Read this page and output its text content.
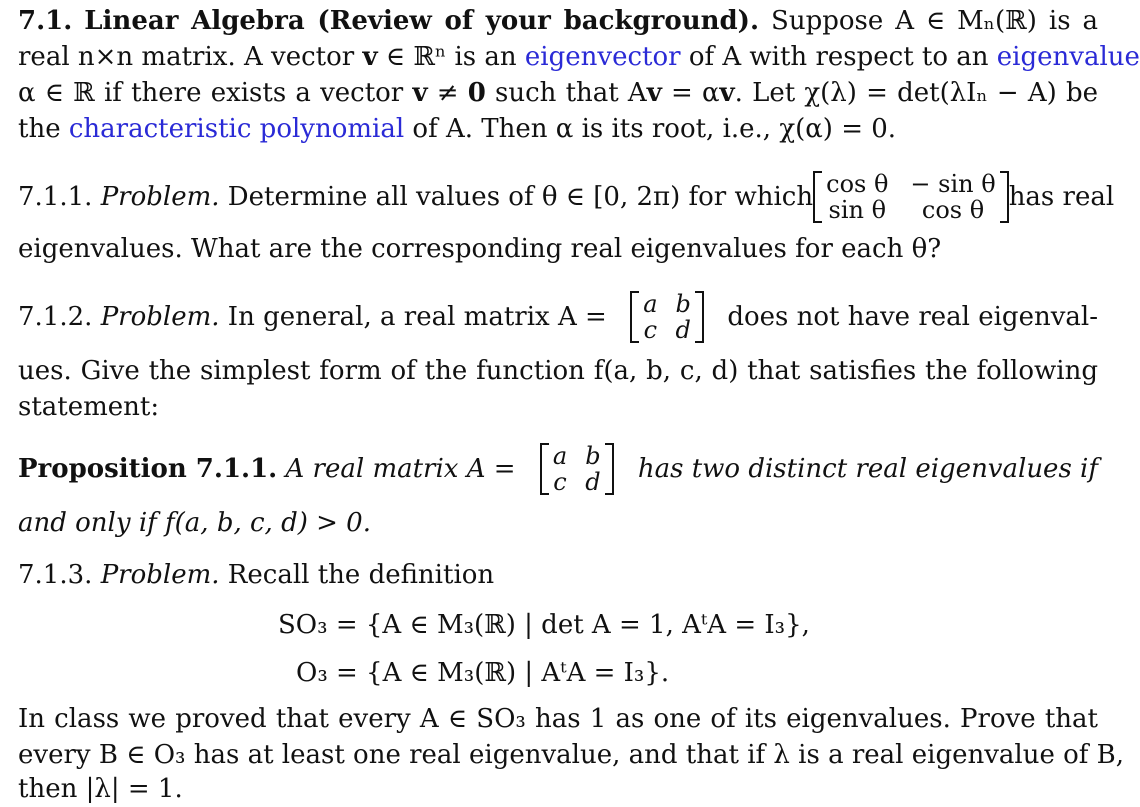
7.1. Linear Algebra (Review of your background). Suppose A ∈ Mₙ(ℝ) is a
real n×n matrix. A vector v ∈ ℝⁿ is an eigenvector of A with respect to an eigenvalue
α ∈ ℝ if there exists a vector v ≠ 0 such that Av = αv. Let χ(λ) = det(λIₙ − A) be
the characteristic polynomial of A. Then α is its root, i.e., χ(α) = 0.
7.1.1. Problem. Determine all values of θ ∈ [0, 2π) for which cos θ − sin θ
sin θ	cos θ has real
eigenvalues. What are the corresponding real eigenvalues for each θ?
7.1.2. Problem. In general, a real matrix A = a b
c d does not have real eigenval-
ues. Give the simplest form of the function f(a, b, c, d) that satisfies the following
statement:
Proposition 7.1.1. A real matrix A = a b
c d has two distinct real eigenvalues if
and only if f(a, b, c, d) > 0.
7.1.3. Problem. Recall the definition
SO₃ = {A ∈ M₃(ℝ) | det A = 1, AᵗA = I₃},
O₃ = {A ∈ M₃(ℝ) | AᵗA = I₃}.
In class we proved that every A ∈ SO₃ has 1 as one of its eigenvalues. Prove that
every B ∈ O₃ has at least one real eigenvalue, and that if λ is a real eigenvalue of B,
then |λ| = 1.
